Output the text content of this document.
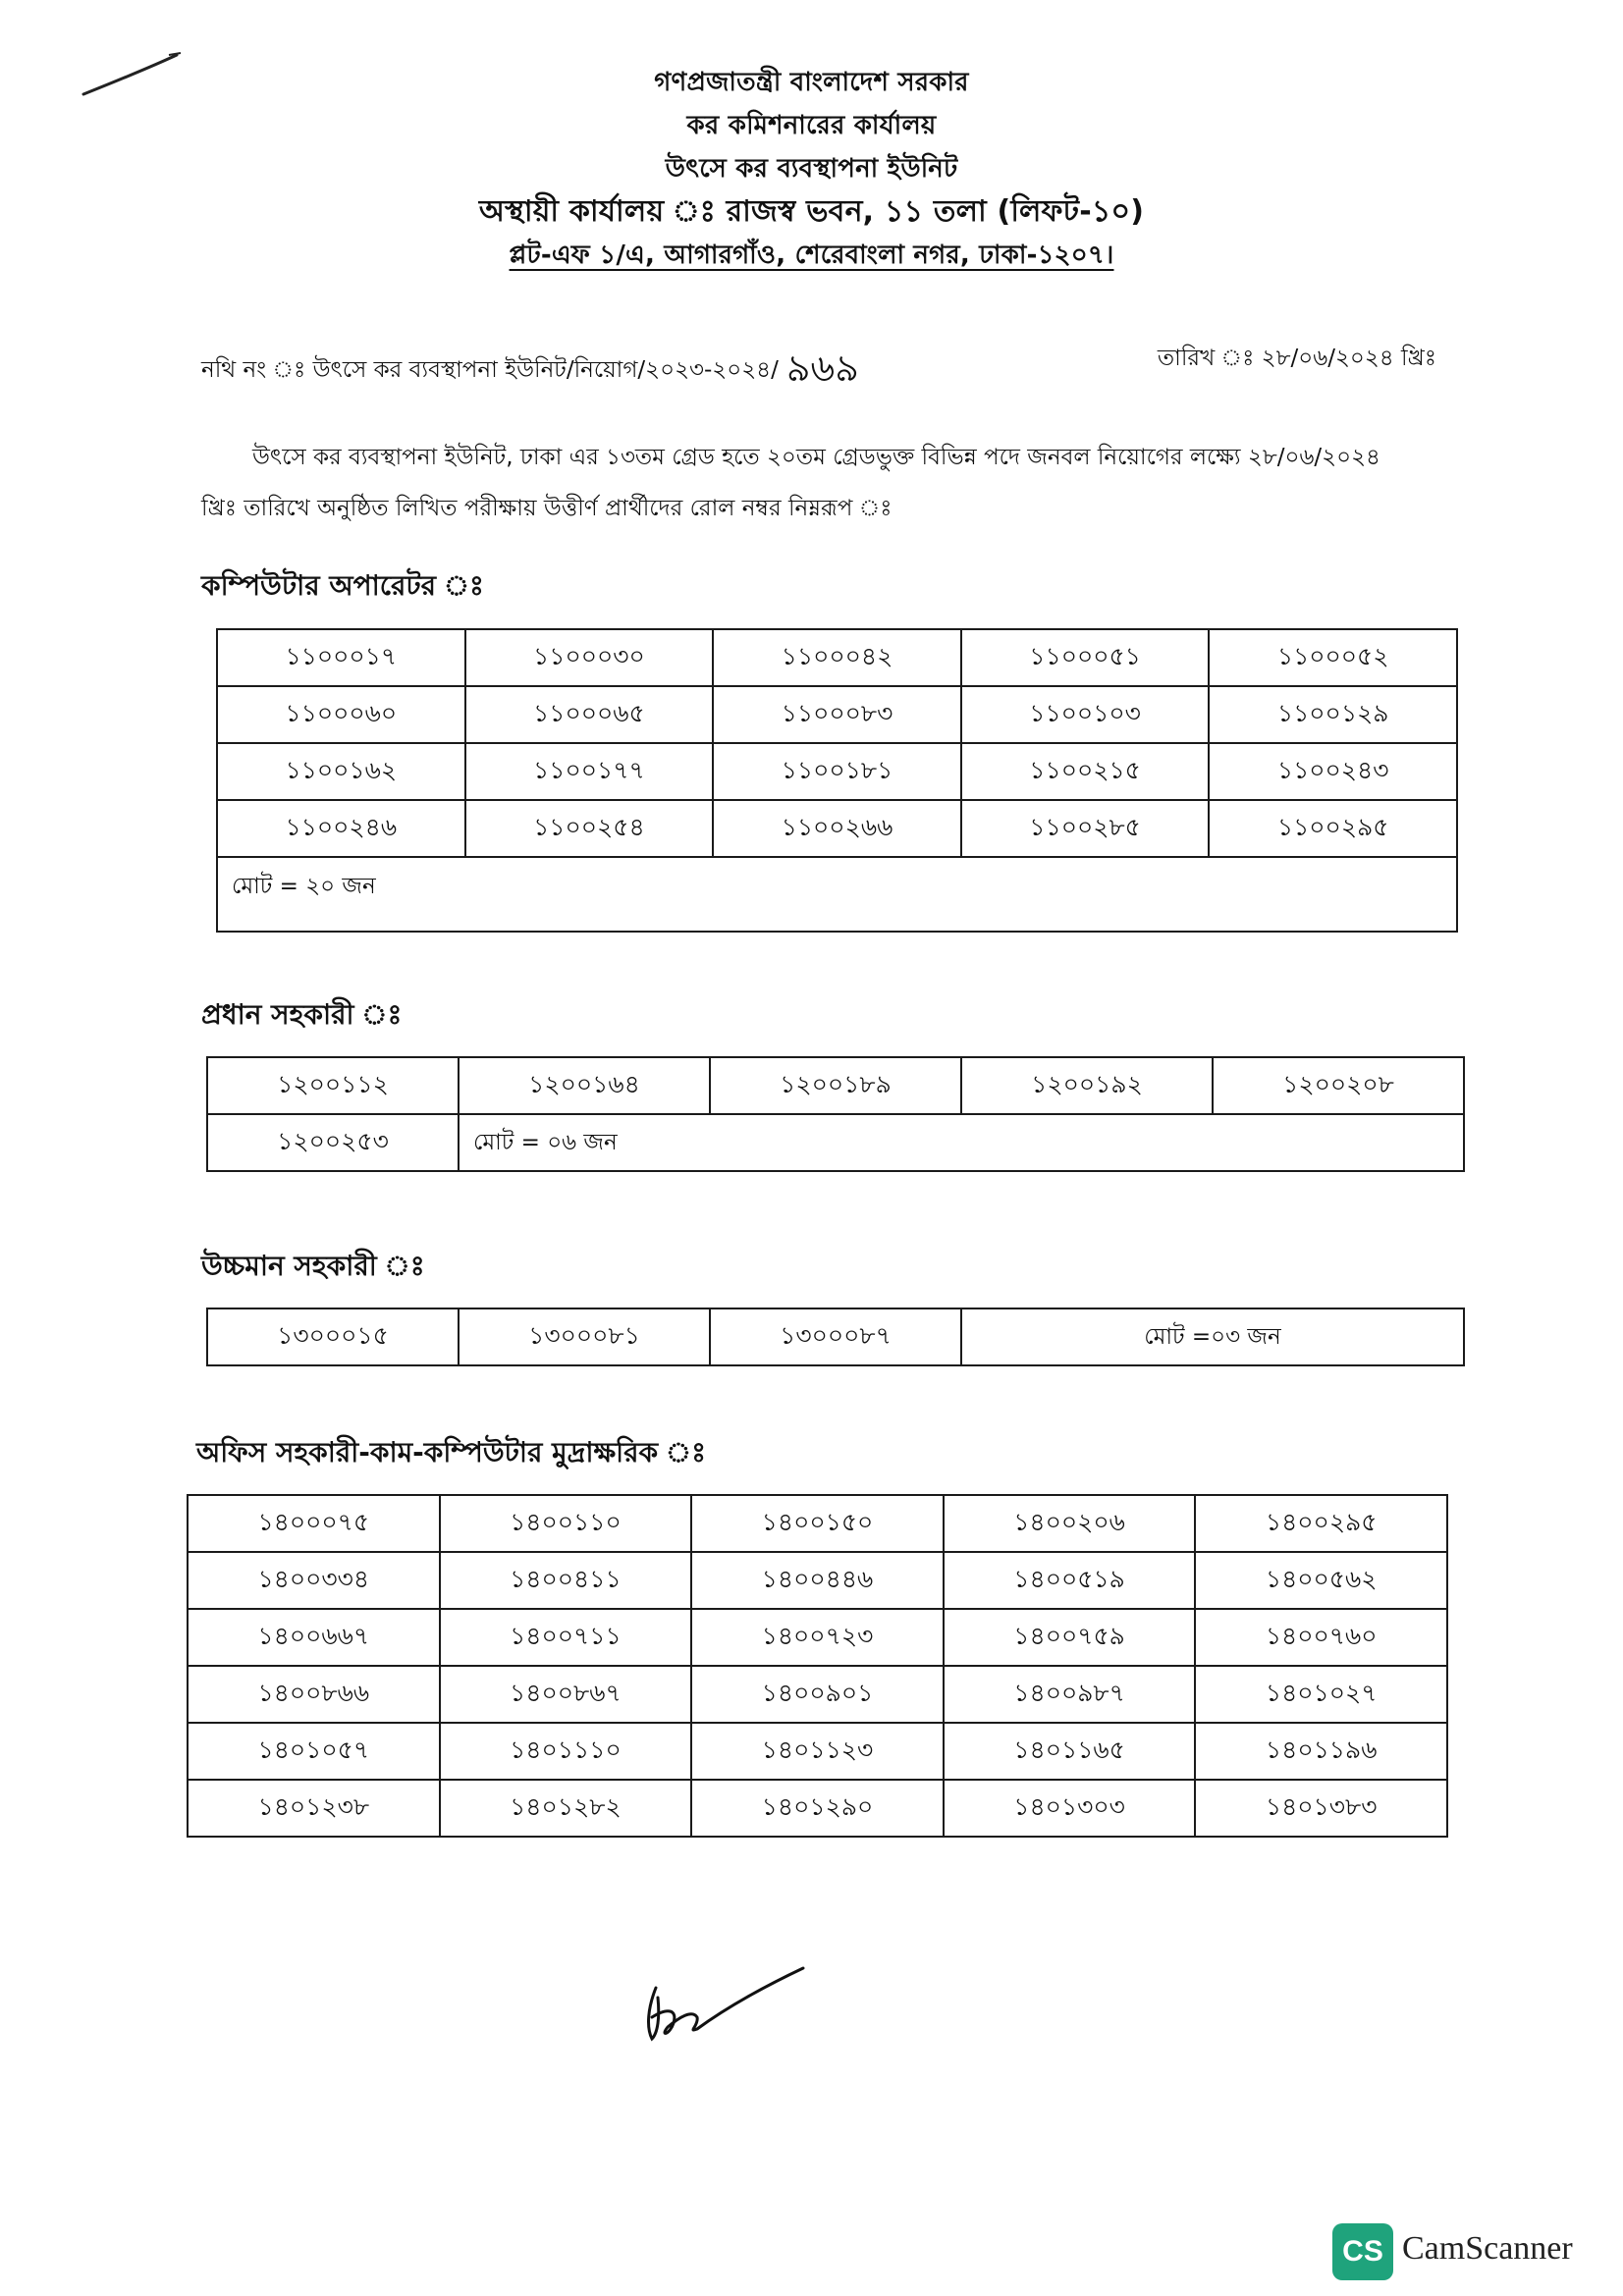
গণপ্রজাতন্ত্রী বাংলাদেশ সরকার
কর কমিশনারের কার্যালয়
উৎসে কর ব্যবস্থাপনা ইউনিট
অস্থায়ী কার্যালয় ঃ রাজস্ব ভবন, ১১ তলা (লিফট-১০)
প্লট-এফ ১/এ, আগারগাঁও, শেরেবাংলা নগর, ঢাকা-১২০৭।
নথি নং ঃ উৎসে কর ব্যবস্থাপনা ইউনিট/নিয়োগ/২০২৩-২০২৪/ ৯৬৯	তারিখ ঃ ২৮/০৬/২০২৪ খ্রিঃ
উৎসে কর ব্যবস্থাপনা ইউনিট, ঢাকা এর ১৩তম গ্রেড হতে ২০তম গ্রেডভুক্ত বিভিন্ন পদে জনবল নিয়োগের লক্ষ্যে ২৮/০৬/২০২৪
খ্রিঃ তারিখে অনুষ্ঠিত লিখিত পরীক্ষায় উত্তীর্ণ প্রার্থীদের রোল নম্বর নিম্নরূপ ঃ
কম্পিউটার অপারেটর ঃ
১১০০০১৭	১১০০০৩০	১১০০০৪২	১১০০০৫১	১১০০০৫২
১১০০০৬০	১১০০০৬৫	১১০০০৮৩	১১০০১০৩	১১০০১২৯
১১০০১৬২	১১০০১৭৭	১১০০১৮১	১১০০২১৫	১১০০২৪৩
১১০০২৪৬	১১০০২৫৪	১১০০২৬৬	১১০০২৮৫	১১০০২৯৫
মোট = ২০ জন				
প্রধান সহকারী ঃ
১২০০১১২	১২০০১৬৪	১২০০১৮৯	১২০০১৯২	১২০০২০৮
১২০০২৫৩	মোট = ০৬ জন			
উচ্চমান সহকারী ঃ
১৩০০০১৫	১৩০০০৮১	১৩০০০৮৭	মোট =০৩ জন
অফিস সহকারী-কাম-কম্পিউটার মুদ্রাক্ষরিক ঃ
১৪০০০৭৫	১৪০০১১০	১৪০০১৫০	১৪০০২০৬	১৪০০২৯৫
১৪০০৩৩৪	১৪০০৪১১	১৪০০৪৪৬	১৪০০৫১৯	১৪০০৫৬২
১৪০০৬৬৭	১৪০০৭১১	১৪০০৭২৩	১৪০০৭৫৯	১৪০০৭৬০
১৪০০৮৬৬	১৪০০৮৬৭	১৪০০৯০১	১৪০০৯৮৭	১৪০১০২৭
১৪০১০৫৭	১৪০১১১০	১৪০১১২৩	১৪০১১৬৫	১৪০১১৯৬
১৪০১২৩৮	১৪০১২৮২	১৪০১২৯০	১৪০১৩০৩	১৪০১৩৮৩
CS CamScanner
